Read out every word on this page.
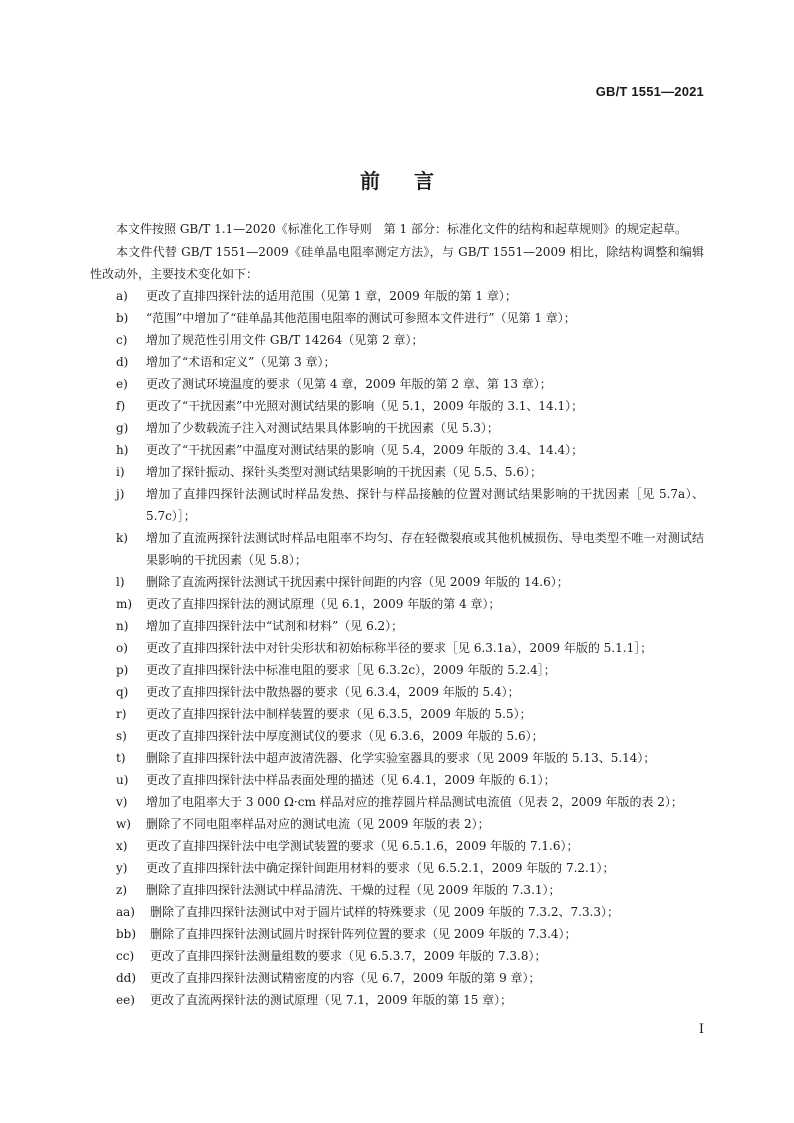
GB/T 1551—2021
前言

本文件按照 GB/T 1.1—2020《标准化工作导则　第 1 部分：标准化文件的结构和起草规则》的规定起草。

本文件代替 GB/T 1551—2009《硅单晶电阻率测定方法》，与 GB/T 1551—2009 相比，除结构调整和编辑性改动外，主要技术变化如下：

a)	更改了直排四探针法的适用范围（见第 1 章，2009 年版的第 1 章）；
b)	“范围”中增加了“硅单晶其他范围电阻率的测试可参照本文件进行”（见第 1 章）；
c)	增加了规范性引用文件 GB/T 14264（见第 2 章）；
d)	增加了“术语和定义”（见第 3 章）；
e)	更改了测试环境温度的要求（见第 4 章，2009 年版的第 2 章、第 13 章）；
f)	更改了“干扰因素”中光照对测试结果的影响（见 5.1，2009 年版的 3.1、14.1）；
g)	增加了少数载流子注入对测试结果具体影响的干扰因素（见 5.3）；
h)	更改了“干扰因素”中温度对测试结果的影响（见 5.4，2009 年版的 3.4、14.4）；
i)	增加了探针振动、探针头类型对测试结果影响的干扰因素（见 5.5、5.6）；
j)	增加了直排四探针法测试时样品发热、探针与样品接触的位置对测试结果影响的干扰因素［见 5.7a）、5.7c）］；
k)	增加了直流两探针法测试时样品电阻率不均匀、存在轻微裂痕或其他机械损伤、导电类型不唯一对测试结果影响的干扰因素（见 5.8）；
l)	删除了直流两探针法测试干扰因素中探针间距的内容（见 2009 年版的 14.6）；
m)	更改了直排四探针法的测试原理（见 6.1，2009 年版的第 4 章）；
n)	增加了直排四探针法中“试剂和材料”（见 6.2）；
o)	更改了直排四探针法中对针尖形状和初始标称半径的要求［见 6.3.1a），2009 年版的 5.1.1］；
p)	更改了直排四探针法中标准电阻的要求［见 6.3.2c），2009 年版的 5.2.4］；
q)	更改了直排四探针法中散热器的要求（见 6.3.4，2009 年版的 5.4）；
r)	更改了直排四探针法中制样装置的要求（见 6.3.5，2009 年版的 5.5）；
s)	更改了直排四探针法中厚度测试仪的要求（见 6.3.6，2009 年版的 5.6）；
t)	删除了直排四探针法中超声波清洗器、化学实验室器具的要求（见 2009 年版的 5.13、5.14）；
u)	更改了直排四探针法中样品表面处理的描述（见 6.4.1，2009 年版的 6.1）；
v)	增加了电阻率大于 3 000 Ω·cm 样品对应的推荐圆片样品测试电流值（见表 2，2009 年版的表 2）；
w)	删除了不同电阻率样品对应的测试电流（见 2009 年版的表 2）；
x)	更改了直排四探针法中电学测试装置的要求（见 6.5.1.6，2009 年版的 7.1.6）；
y)	更改了直排四探针法中确定探针间距用材料的要求（见 6.5.2.1，2009 年版的 7.2.1）；
z)	删除了直排四探针法测试中样品清洗、干燥的过程（见 2009 年版的 7.3.1）；
aa)	删除了直排四探针法测试中对于圆片试样的特殊要求（见 2009 年版的 7.3.2、7.3.3）；
bb)	删除了直排四探针法测试圆片时探针阵列位置的要求（见 2009 年版的 7.3.4）；
cc)	更改了直排四探针法测量组数的要求（见 6.5.3.7，2009 年版的 7.3.8）；
dd)	更改了直排四探针法测试精密度的内容（见 6.7，2009 年版的第 9 章）；
ee)	更改了直流两探针法的测试原理（见 7.1，2009 年版的第 15 章）；
I
